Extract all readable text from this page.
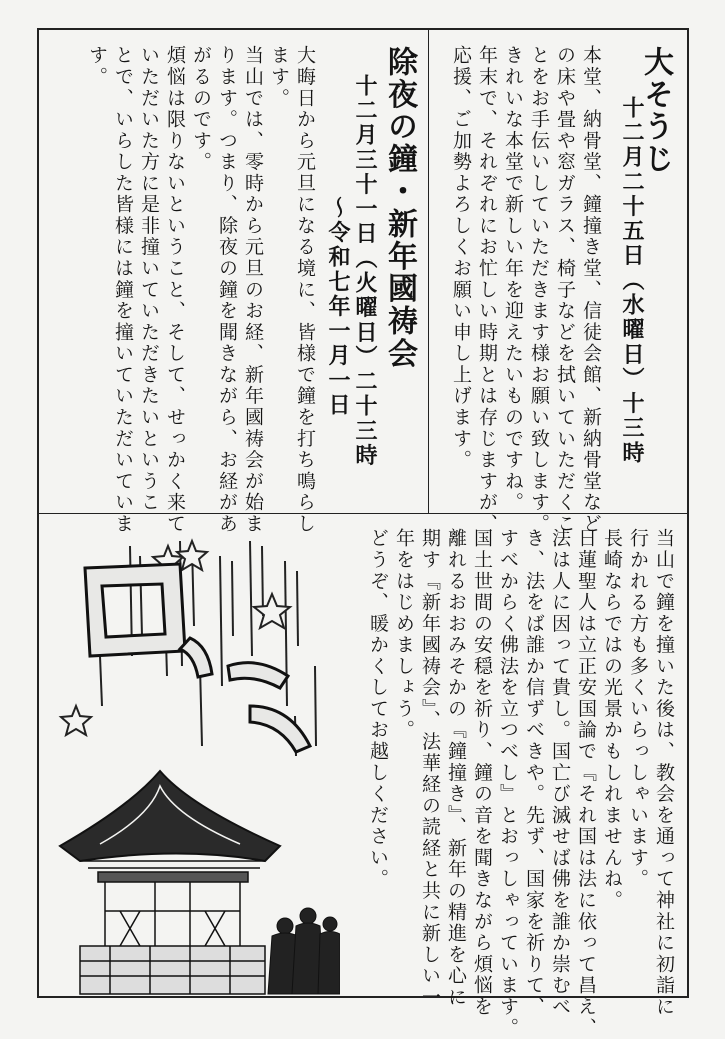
大そうじ
十二月二十五日（水曜日）十三時
本堂、納骨堂、鐘撞き堂、信徒会館、新納骨堂など
の床や畳や窓ガラス、椅子などを拭いていただくこ
とをお手伝いしていただきます様お願い致します。
きれいな本堂で新しい年を迎えたいものですね。
年末で、それぞれにお忙しい時期とは存じますが、
応援、ご加勢よろしくお願い申し上げます。
除夜の鐘・新年國祷会
十二月三十一日（火曜日）二十三時
〜令和七年一月一日
大晦日から元旦になる境に、皆様で鐘を打ち鳴らし
ます。
当山では、零時から元旦のお経、新年國祷会が始ま
ります。つまり、除夜の鐘を聞きながら、お経があ
がるのです。
煩悩は限りないということ、そして、せっかく来て
いただいた方に是非撞いていただきたいというこ
とで、いらした皆様には鐘を撞いていただいていま
す。
当山で鐘を撞いた後は、教会を通って神社に初詣に
行かれる方も多くいらっしゃいます。
長崎ならではの光景かもしれませんね。
日蓮聖人は立正安国論で『それ国は法に依って昌え、
法は人に因って貴し。国亡び滅せば佛を誰か崇むべ
き、法をば誰か信ずべきや。先ず、国家を祈りて、
すべからく佛法を立つべし』とおっしゃっています。
国土世間の安穏を祈り、鐘の音を聞きながら煩悩を
離れるおおみそかの『鐘撞き』、新年の精進を心に
期す『新年國祷会』、法華経の読経と共に新しい一
年をはじめましょう。
どうぞ、暖かくしてお越しください。
